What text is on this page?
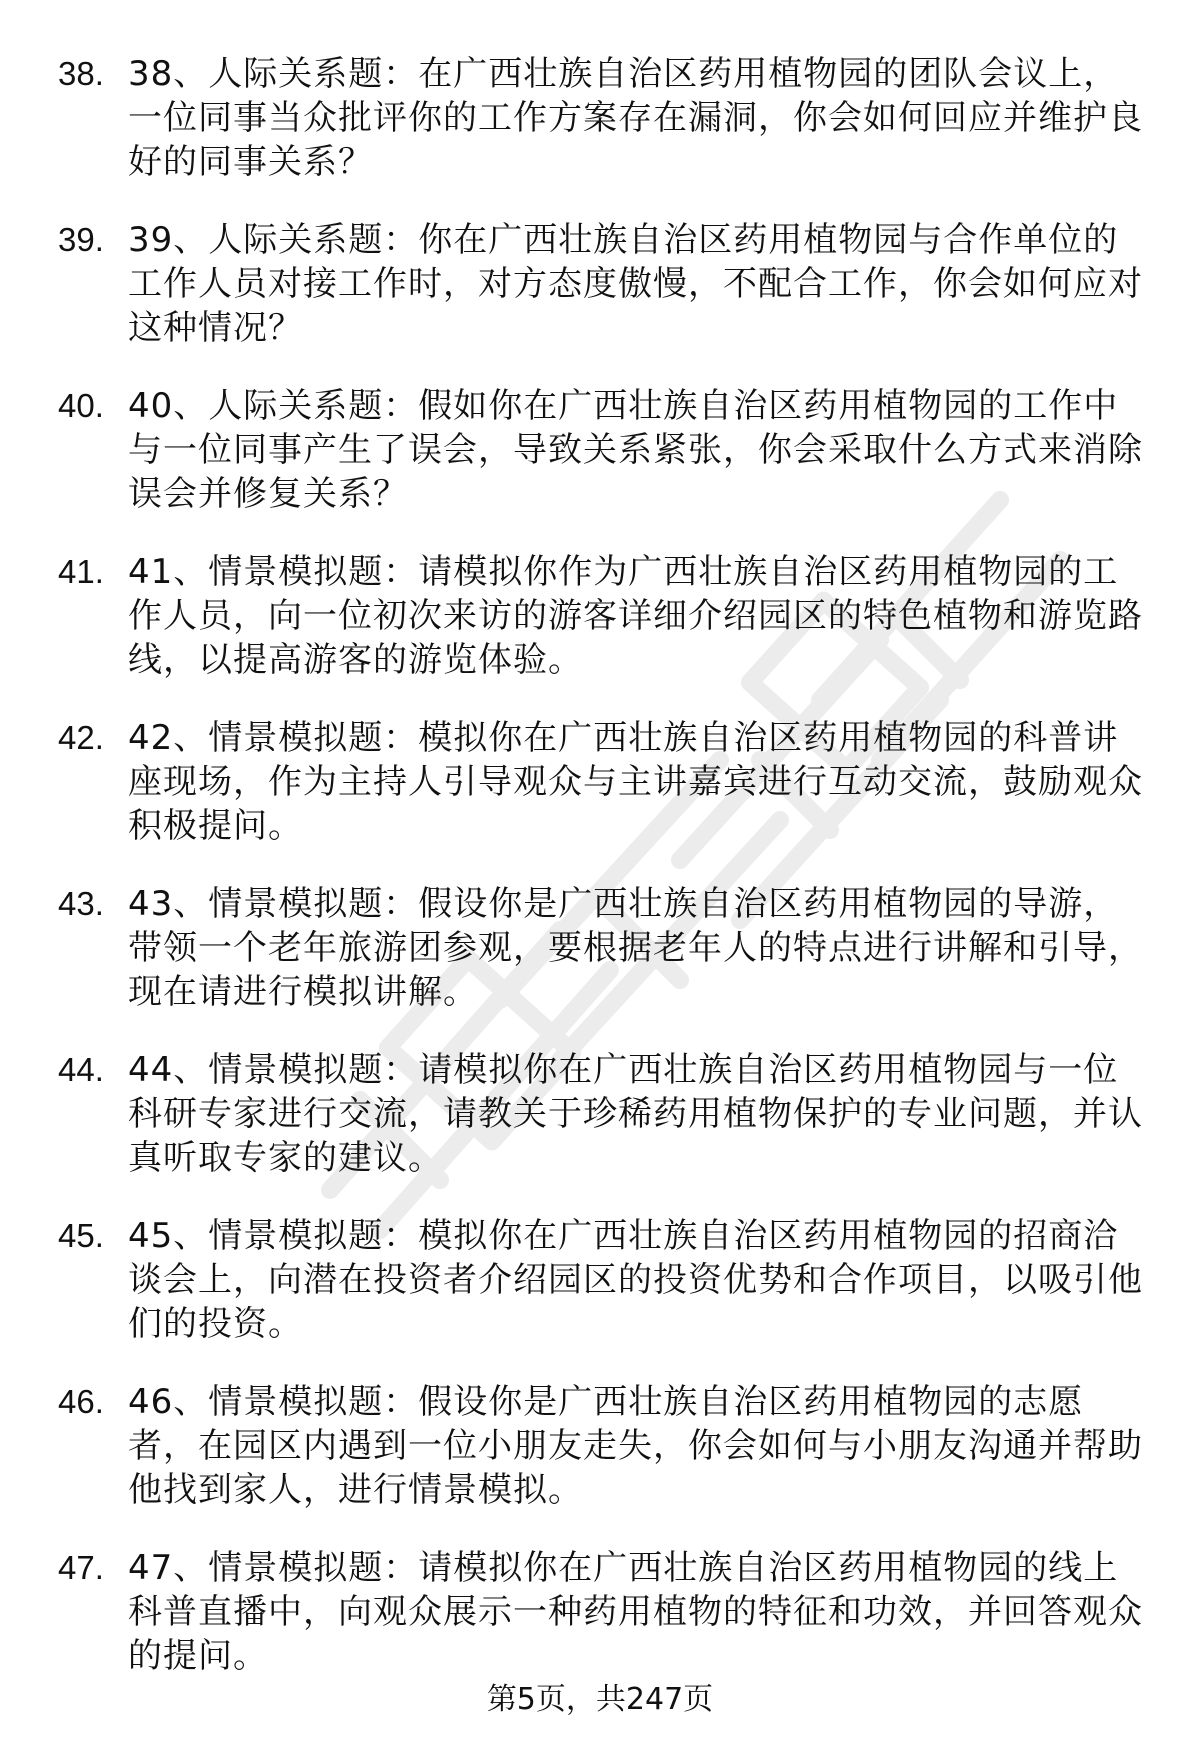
38. 38、人际关系题：在广西壮族自治区药用植物园的团队会议上，一位同事当众批评你的工作方案存在漏洞，你会如何回应并维护良好的同事关系？
39. 39、人际关系题：你在广西壮族自治区药用植物园与合作单位的工作人员对接工作时，对方态度傲慢，不配合工作，你会如何应对这种情况？
40. 40、人际关系题：假如你在广西壮族自治区药用植物园的工作中与一位同事产生了误会，导致关系紧张，你会采取什么方式来消除误会并修复关系？
41. 41、情景模拟题：请模拟你作为广西壮族自治区药用植物园的工作人员，向一位初次来访的游客详细介绍园区的特色植物和游览路线，以提高游客的游览体验。
42. 42、情景模拟题：模拟你在广西壮族自治区药用植物园的科普讲座现场，作为主持人引导观众与主讲嘉宾进行互动交流，鼓励观众积极提问。
43. 43、情景模拟题：假设你是广西壮族自治区药用植物园的导游，带领一个老年旅游团参观，要根据老年人的特点进行讲解和引导，现在请进行模拟讲解。
44. 44、情景模拟题：请模拟你在广西壮族自治区药用植物园与一位科研专家进行交流，请教关于珍稀药用植物保护的专业问题，并认真听取专家的建议。
45. 45、情景模拟题：模拟你在广西壮族自治区药用植物园的招商洽谈会上，向潜在投资者介绍园区的投资优势和合作项目，以吸引他们的投资。
46. 46、情景模拟题：假设你是广西壮族自治区药用植物园的志愿者，在园区内遇到一位小朋友走失，你会如何与小朋友沟通并帮助他找到家人，进行情景模拟。
47. 47、情景模拟题：请模拟你在广西壮族自治区药用植物园的线上科普直播中，向观众展示一种药用植物的特征和功效，并回答观众的提问。
第5页，共247页
